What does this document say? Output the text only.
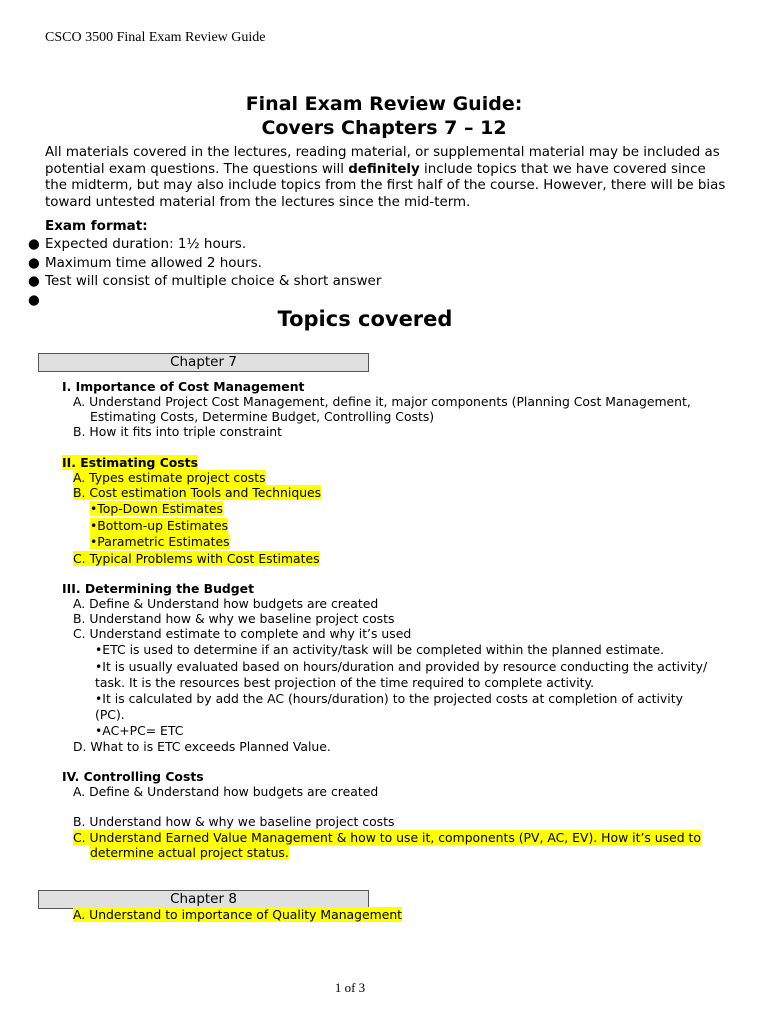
CSCO 3500 Final Exam Review Guide
Final Exam Review Guide:
Covers Chapters 7 – 12
All materials covered in the lectures, reading material, or supplemental material may be included as potential exam questions. The questions will definitely include topics that we have covered since the midterm, but may also include topics from the first half of the course. However, there will be bias toward untested material from the lectures since the mid-term.
Exam format:
● Expected duration: 1½ hours.
● Maximum time allowed 2 hours.
● Test will consist of multiple choice & short answer
●
Topics covered
Chapter 7
I. Importance of Cost Management
A. Understand Project Cost Management, define it, major components (Planning Cost Management,
Estimating Costs, Determine Budget, Controlling Costs)
B. How it fits into triple constraint
II. Estimating Costs
A. Types estimate project costs
B. Cost estimation Tools and Techniques
•Top-Down Estimates
•Bottom-up Estimates
•Parametric Estimates
C. Typical Problems with Cost Estimates
III. Determining the Budget
A. Define & Understand how budgets are created
B. Understand how & why we baseline project costs
C. Understand estimate to complete and why it’s used
•ETC is used to determine if an activity/task will be completed within the planned estimate.
•It is usually evaluated based on hours/duration and provided by resource conducting the activity/
task. It is the resources best projection of the time required to complete activity.
•It is calculated by add the AC (hours/duration) to the projected costs at completion of activity
(PC).
•AC+PC= ETC
D. What to is ETC exceeds Planned Value.
IV. Controlling Costs
A. Define & Understand how budgets are created
B. Understand how & why we baseline project costs
C. Understand Earned Value Management & how to use it, components (PV, AC, EV). How it’s used to
determine actual project status.
Chapter 8
A. Understand to importance of Quality Management
1 of 3
